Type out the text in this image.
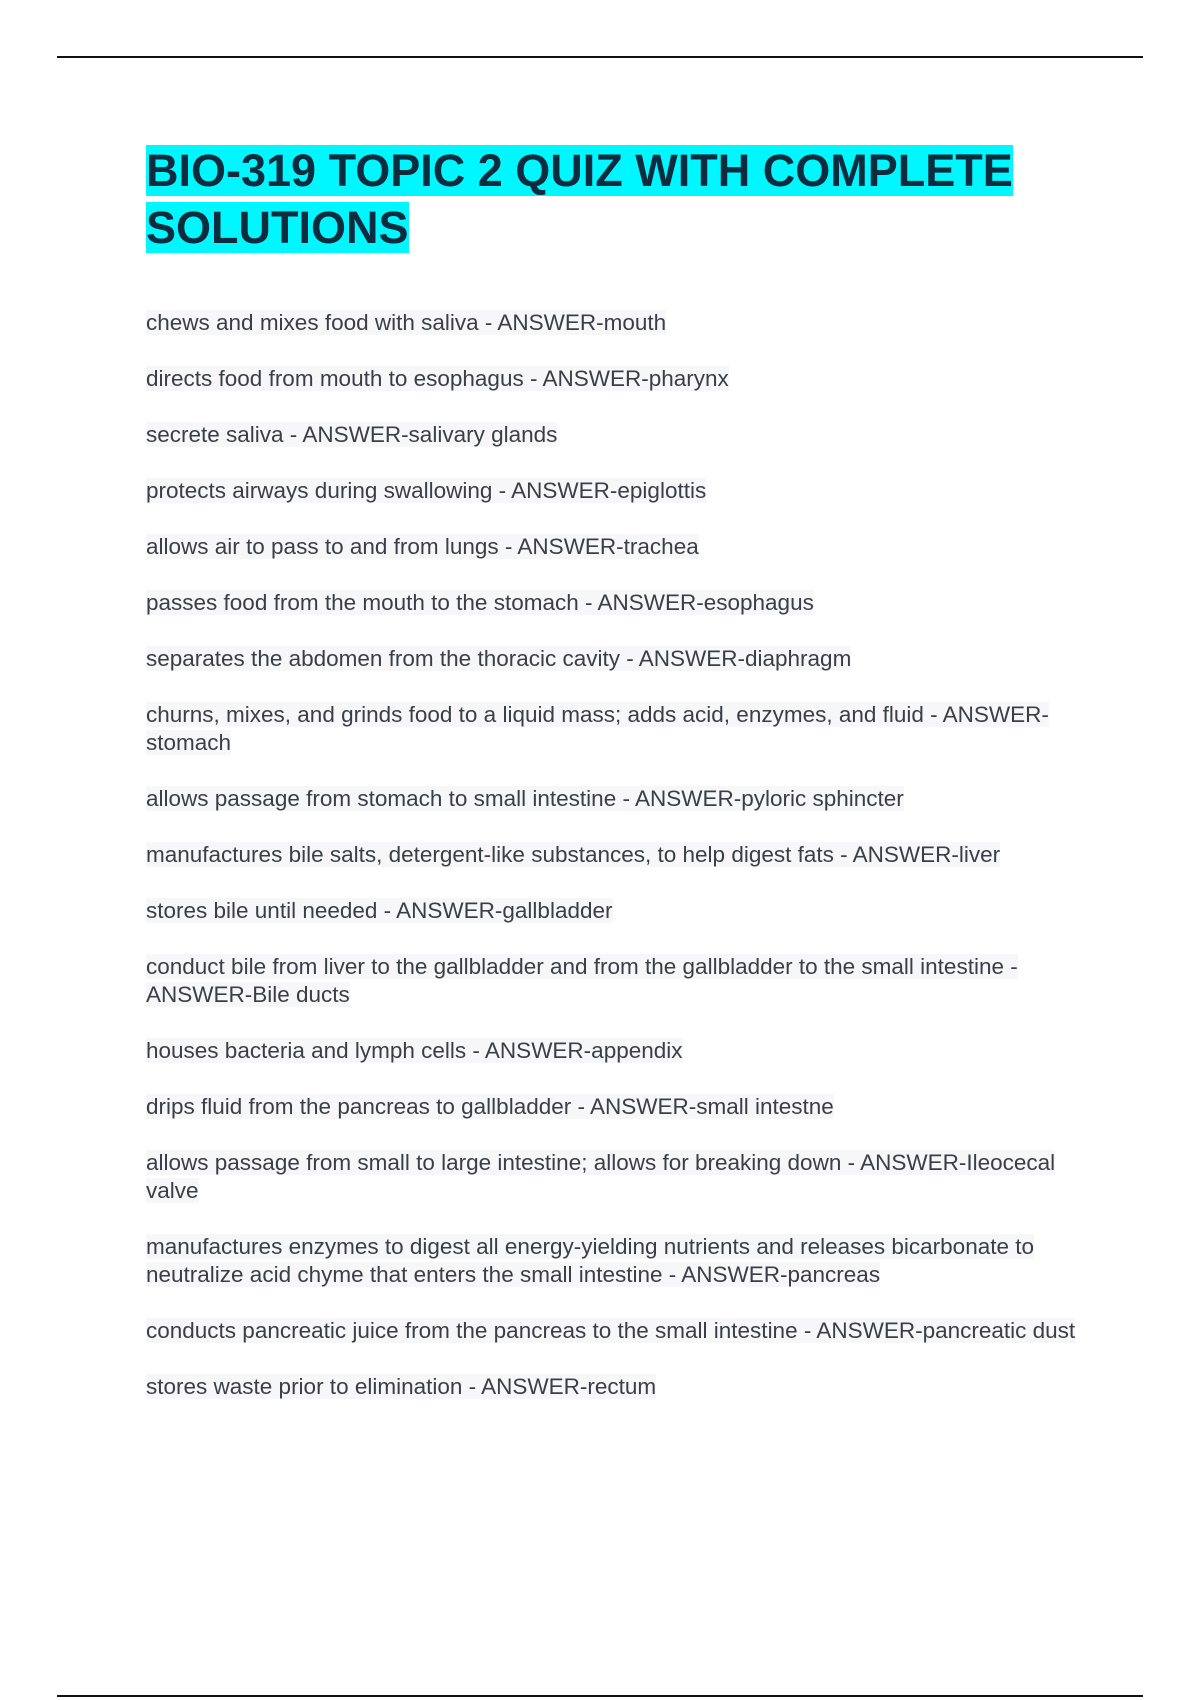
BIO-319 TOPIC 2 QUIZ WITH COMPLETE SOLUTIONS
chews and mixes food with saliva - ANSWER-mouth
directs food from mouth to esophagus - ANSWER-pharynx
secrete saliva - ANSWER-salivary glands
protects airways during swallowing - ANSWER-epiglottis
allows air to pass to and from lungs - ANSWER-trachea
passes food from the mouth to the stomach - ANSWER-esophagus
separates the abdomen from the thoracic cavity - ANSWER-diaphragm
churns, mixes, and grinds food to a liquid mass; adds acid, enzymes, and fluid - ANSWER-stomach
allows passage from stomach to small intestine - ANSWER-pyloric sphincter
manufactures bile salts, detergent-like substances, to help digest fats - ANSWER-liver
stores bile until needed - ANSWER-gallbladder
conduct bile from liver to the gallbladder and from the gallbladder to the small intestine - ANSWER-Bile ducts
houses bacteria and lymph cells - ANSWER-appendix
drips fluid from the pancreas to gallbladder - ANSWER-small intestne
allows passage from small to large intestine; allows for breaking down - ANSWER-Ileocecal valve
manufactures enzymes to digest all energy-yielding nutrients and releases bicarbonate to neutralize acid chyme that enters the small intestine - ANSWER-pancreas
conducts pancreatic juice from the pancreas to the small intestine - ANSWER-pancreatic dust
stores waste prior to elimination - ANSWER-rectum
